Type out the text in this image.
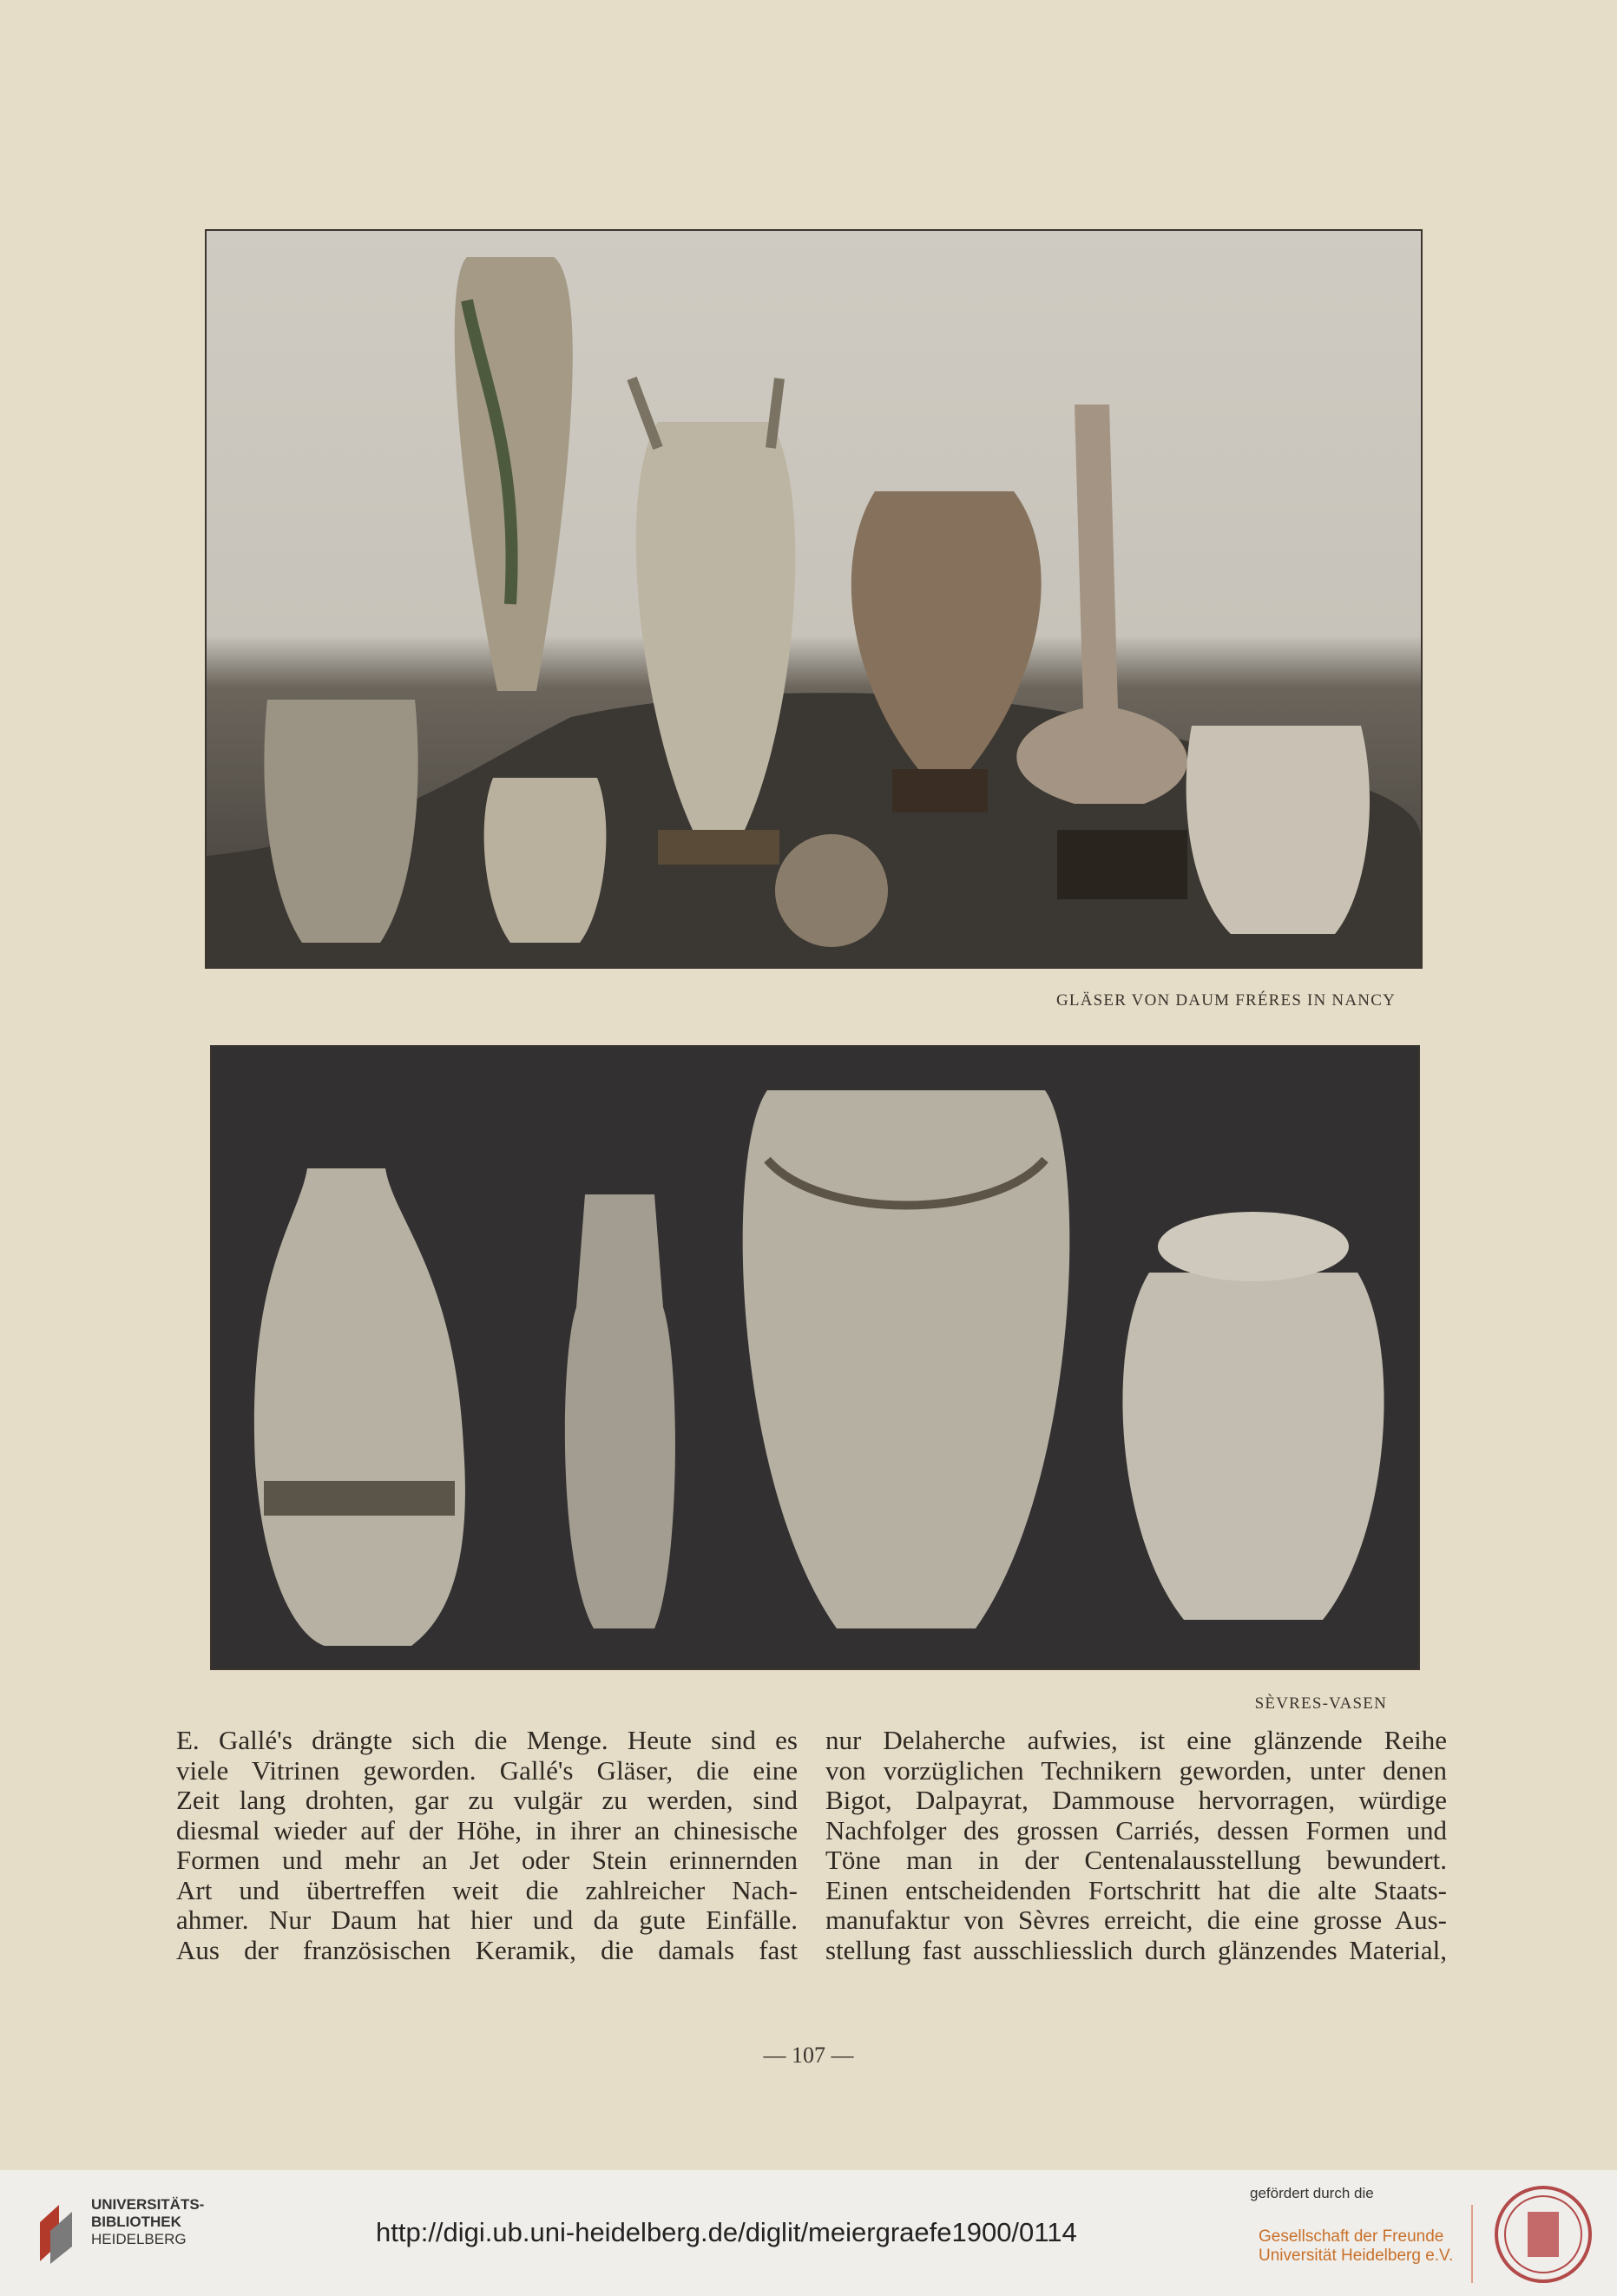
GLÄSER VON DAUM FRÉRES IN NANCY
SÈVRES-VASEN
E. Gallé's drängte sich die Menge. Heute sind es
viele Vitrinen geworden. Gallé's Gläser, die eine
Zeit lang drohten, gar zu vulgär zu werden, sind
diesmal wieder auf der Höhe, in ihrer an chinesische
Formen und mehr an Jet oder Stein erinnernden
Art und übertreffen weit die zahlreicher Nach-
ahmer. Nur Daum hat hier und da gute Einfälle.
Aus der französischen Keramik, die damals fast
nur Delaherche aufwies, ist eine glänzende Reihe
von vorzüglichen Technikern geworden, unter denen
Bigot, Dalpayrat, Dammouse hervorragen, würdige
Nachfolger des grossen Carriés, dessen Formen und
Töne man in der Centenalausstellung bewundert.
Einen entscheidenden Fortschritt hat die alte Staats-
manufaktur von Sèvres erreicht, die eine grosse Aus-
stellung fast ausschliesslich durch glänzendes Material,
— 107 —
UNIVERSITÄTS-
BIBLIOTHEK
HEIDELBERG	http://digi.ub.uni-heidelberg.de/diglit/meiergraefe1900/0114
gefördert durch die
Gesellschaft der Freunde
Universität Heidelberg e.V.
